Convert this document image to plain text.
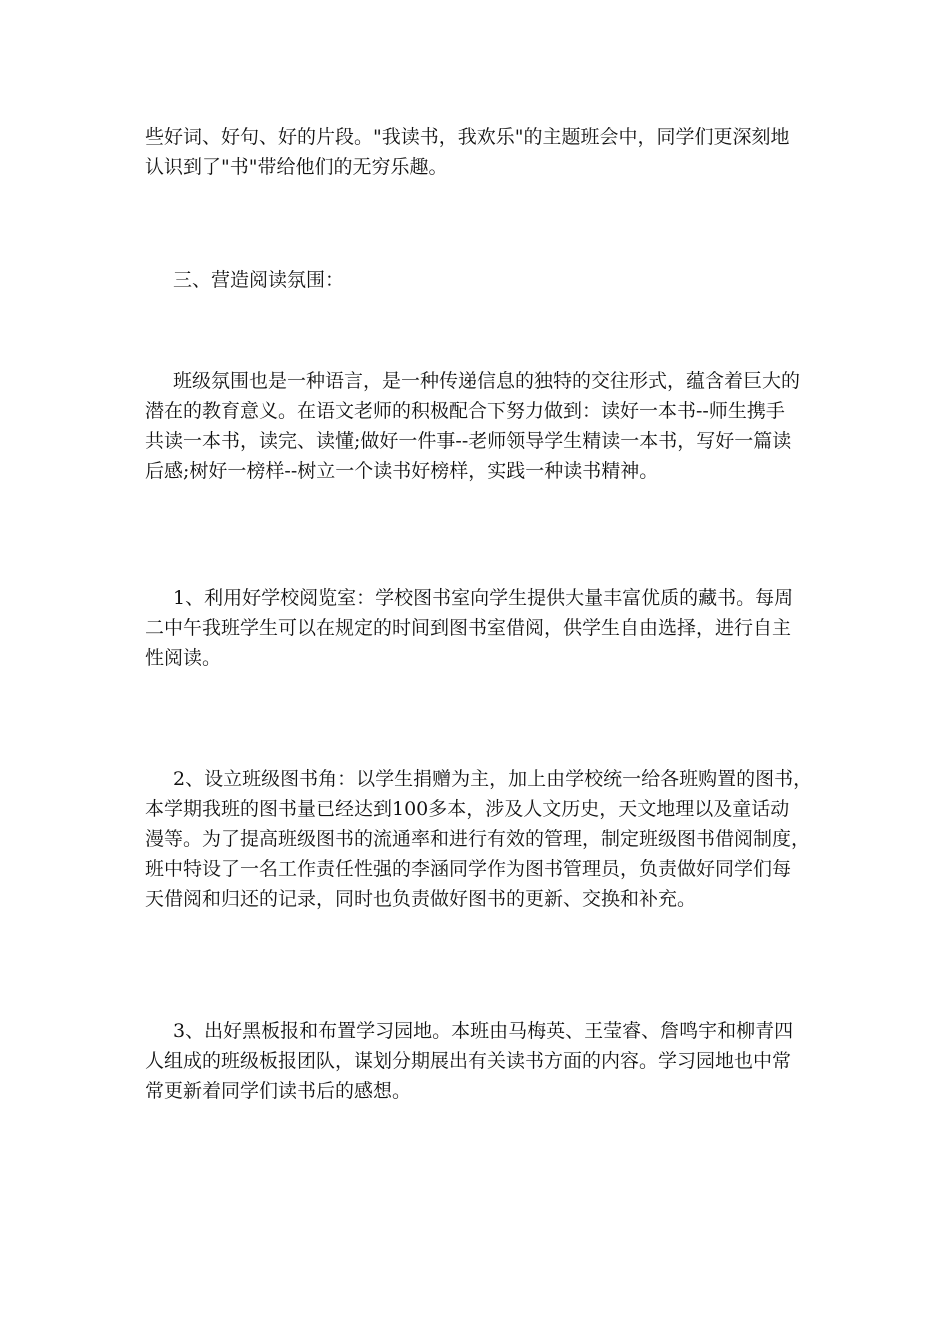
些好词、好句、好的片段。"我读书，我欢乐"的主题班会中，同学们更深刻地
认识到了"书"带给他们的无穷乐趣。
三、营造阅读氛围：
班级氛围也是一种语言，是一种传递信息的独特的交往形式，蕴含着巨大的
潜在的教育意义。在语文老师的积极配合下努力做到：读好一本书--师生携手
共读一本书，读完、读懂;做好一件事--老师领导学生精读一本书，写好一篇读
后感;树好一榜样--树立一个读书好榜样，实践一种读书精神。
1、利用好学校阅览室：学校图书室向学生提供大量丰富优质的藏书。每周
二中午我班学生可以在规定的时间到图书室借阅，供学生自由选择，进行自主
性阅读。
2、设立班级图书角：以学生捐赠为主，加上由学校统一给各班购置的图书，
本学期我班的图书量已经达到100多本，涉及人文历史，天文地理以及童话动
漫等。为了提高班级图书的流通率和进行有效的管理，制定班级图书借阅制度，
班中特设了一名工作责任性强的李涵同学作为图书管理员，负责做好同学们每
天借阅和归还的记录，同时也负责做好图书的更新、交换和补充。
3、出好黑板报和布置学习园地。本班由马梅英、王莹睿、詹鸣宇和柳青四
人组成的班级板报团队，谋划分期展出有关读书方面的内容。学习园地也中常
常更新着同学们读书后的感想。
